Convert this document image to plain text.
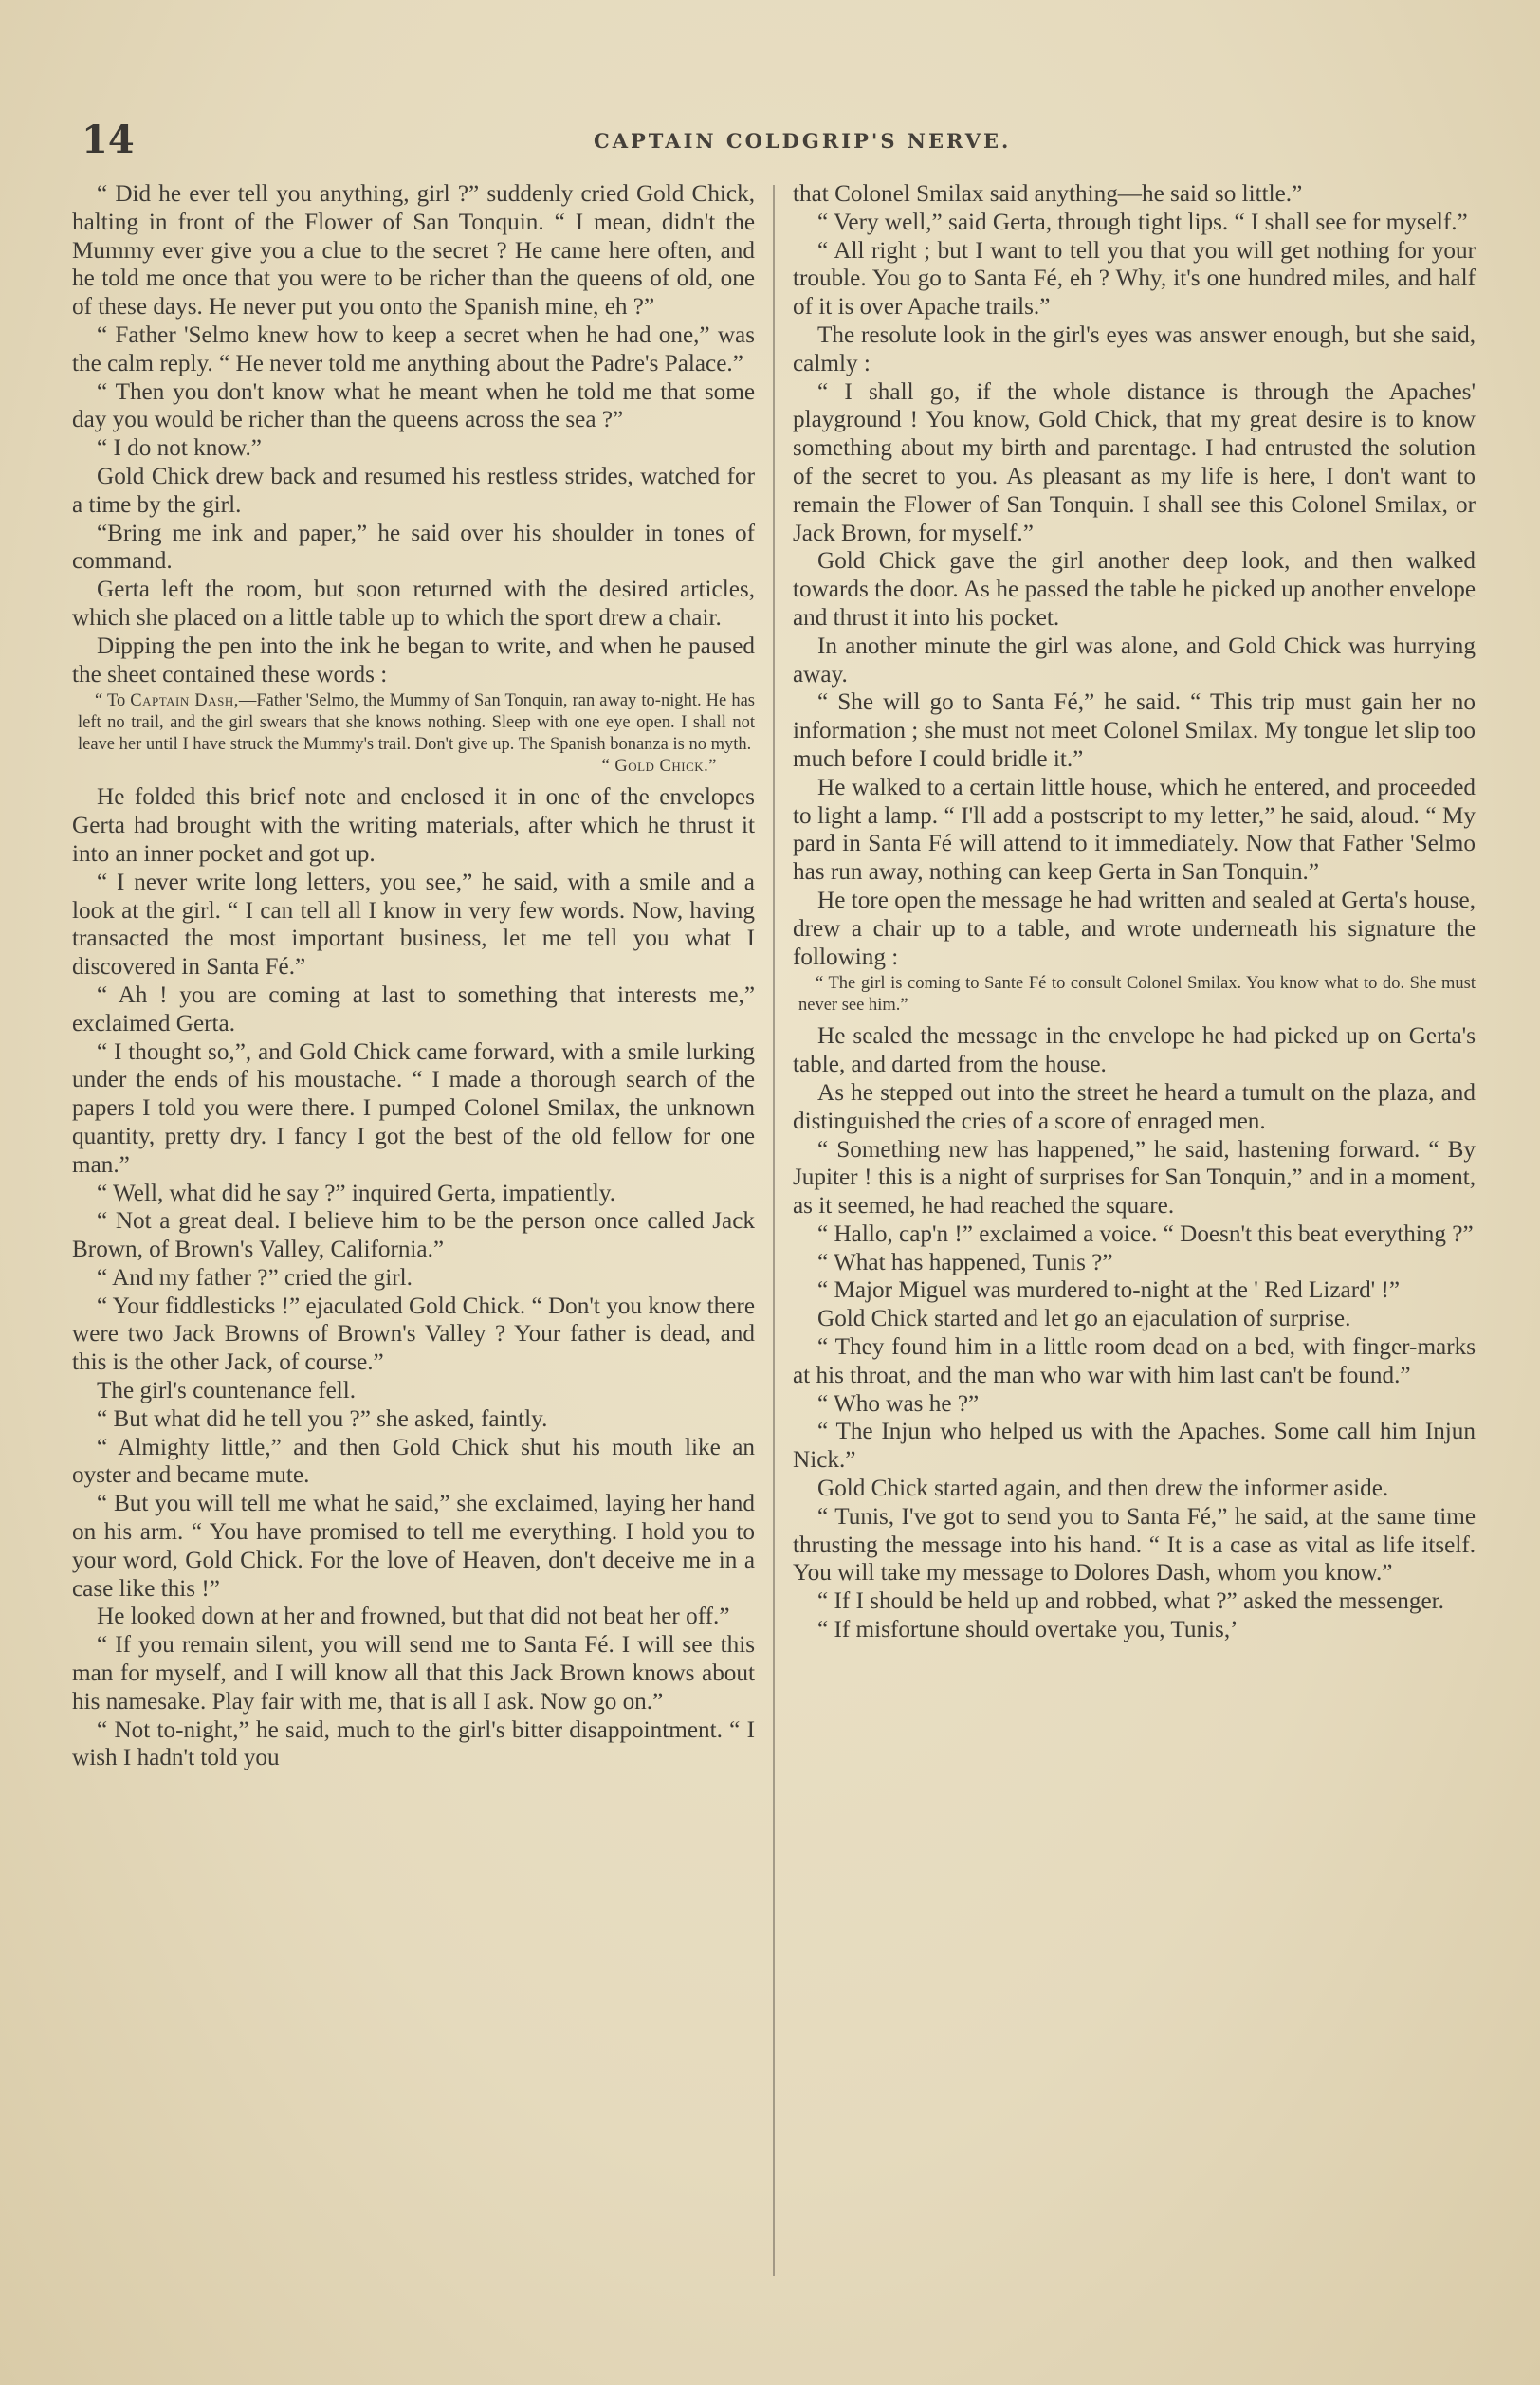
14	CAPTAIN COLDGRIP'S NERVE.

“ Did he ever tell you anything, girl ?” suddenly cried Gold Chick, halting in front of the Flower of San Tonquin. “ I mean, didn't the Mummy ever give you a clue to the secret ? He came here often, and he told me once that you were to be richer than the queens of old, one of these days. He never put you onto the Spanish mine, eh ?”

“ Father 'Selmo knew how to keep a secret when he had one,” was the calm reply. “ He never told me anything about the Padre's Palace.”

“ Then you don't know what he meant when he told me that some day you would be richer than the queens across the sea ?”

“ I do not know.”

Gold Chick drew back and resumed his restless strides, watched for a time by the girl.

“Bring me ink and paper,” he said over his shoulder in tones of command.

Gerta left the room, but soon returned with the desired articles, which she placed on a little table up to which the sport drew a chair.

Dipping the pen into the ink he began to write, and when he paused the sheet contained these words :

“ To Captain Dash,—Father 'Selmo, the Mummy of San Tonquin, ran away to-night. He has left no trail, and the girl swears that she knows nothing. Sleep with one eye open. I shall not leave her until I have struck the Mummy's trail. Don't give up. The Spanish bonanza is no myth.
“ Gold Chick.”

He folded this brief note and enclosed it in one of the envelopes Gerta had brought with the writing materials, after which he thrust it into an inner pocket and got up.

“ I never write long letters, you see,” he said, with a smile and a look at the girl. “ I can tell all I know in very few words. Now, having transacted the most important business, let me tell you what I discovered in Santa Fé.”

“ Ah ! you are coming at last to something that interests me,” exclaimed Gerta.

“ I thought so,”, and Gold Chick came forward, with a smile lurking under the ends of his moustache. “ I made a thorough search of the papers I told you were there. I pumped Colonel Smilax, the unknown quantity, pretty dry. I fancy I got the best of the old fellow for one man.”

“ Well, what did he say ?” inquired Gerta, impatiently.

“ Not a great deal. I believe him to be the person once called Jack Brown, of Brown's Valley, California.”

“ And my father ?” cried the girl.

“ Your fiddlesticks !” ejaculated Gold Chick. “ Don't you know there were two Jack Browns of Brown's Valley ? Your father is dead, and this is the other Jack, of course.”

The girl's countenance fell.

“ But what did he tell you ?” she asked, faintly.

“ Almighty little,” and then Gold Chick shut his mouth like an oyster and became mute.

“ But you will tell me what he said,” she exclaimed, laying her hand on his arm. “ You have promised to tell me everything. I hold you to your word, Gold Chick. For the love of Heaven, don't deceive me in a case like this !”

He looked down at her and frowned, but that did not beat her off.”

“ If you remain silent, you will send me to Santa Fé. I will see this man for myself, and I will know all that this Jack Brown knows about his namesake. Play fair with me, that is all I ask. Now go on.”

“ Not to-night,” he said, much to the girl's bitter disappointment. “ I wish I hadn't told you

that Colonel Smilax said anything—he said so little.”

“ Very well,” said Gerta, through tight lips. “ I shall see for myself.”

“ All right ; but I want to tell you that you will get nothing for your trouble. You go to Santa Fé, eh ? Why, it's one hundred miles, and half of it is over Apache trails.”

The resolute look in the girl's eyes was answer enough, but she said, calmly :

“ I shall go, if the whole distance is through the Apaches' playground ! You know, Gold Chick, that my great desire is to know something about my birth and parentage. I had entrusted the solution of the secret to you. As pleasant as my life is here, I don't want to remain the Flower of San Tonquin. I shall see this Colonel Smilax, or Jack Brown, for myself.”

Gold Chick gave the girl another deep look, and then walked towards the door. As he passed the table he picked up another envelope and thrust it into his pocket.

In another minute the girl was alone, and Gold Chick was hurrying away.

“ She will go to Santa Fé,” he said. “ This trip must gain her no information ; she must not meet Colonel Smilax. My tongue let slip too much before I could bridle it.”

He walked to a certain little house, which he entered, and proceeded to light a lamp. “ I'll add a postscript to my letter,” he said, aloud. “ My pard in Santa Fé will attend to it immediately. Now that Father 'Selmo has run away, nothing can keep Gerta in San Tonquin.”

He tore open the message he had written and sealed at Gerta's house, drew a chair up to a table, and wrote underneath his signature the following :

“ The girl is coming to Sante Fé to consult Colonel Smilax. You know what to do. She must never see him.”

He sealed the message in the envelope he had picked up on Gerta's table, and darted from the house.

As he stepped out into the street he heard a tumult on the plaza, and distinguished the cries of a score of enraged men.

“ Something new has happened,” he said, hastening forward. “ By Jupiter ! this is a night of surprises for San Tonquin,” and in a moment, as it seemed, he had reached the square.

“ Hallo, cap'n !” exclaimed a voice. “ Doesn't this beat everything ?”

“ What has happened, Tunis ?”

“ Major Miguel was murdered to-night at the ' Red Lizard' !”

Gold Chick started and let go an ejaculation of surprise.

“ They found him in a little room dead on a bed, with finger-marks at his throat, and the man who war with him last can't be found.”

“ Who was he ?”

“ The Injun who helped us with the Apaches. Some call him Injun Nick.”

Gold Chick started again, and then drew the informer aside.

“ Tunis, I've got to send you to Santa Fé,” he said, at the same time thrusting the message into his hand. “ It is a case as vital as life itself. You will take my message to Dolores Dash, whom you know.”

“ If I should be held up and robbed, what ?” asked the messenger.

“ If misfortune should overtake you, Tunis,’
